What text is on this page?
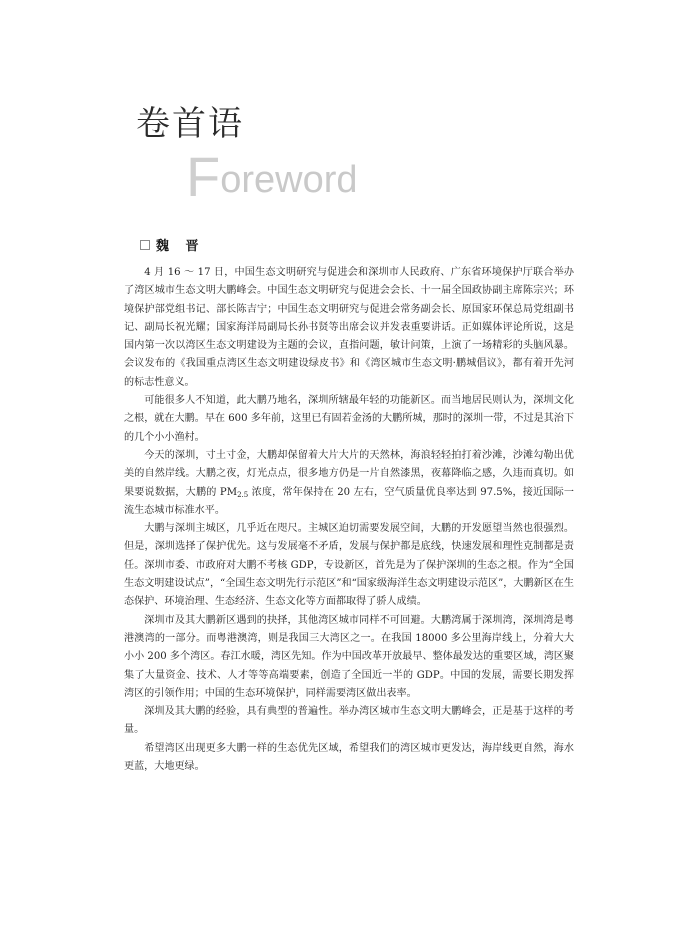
卷首语
Foreword
魏 晋

4 月 16 ～ 17 日，中国生态文明研究与促进会和深圳市人民政府、广东省环境保护厅联合举办了湾区城市生态文明大鹏峰会。中国生态文明研究与促进会会长、十一届全国政协副主席陈宗兴；环境保护部党组书记、部长陈吉宁；中国生态文明研究与促进会常务副会长、原国家环保总局党组副书记、副局长祝光耀；国家海洋局副局长孙书贤等出席会议并发表重要讲话。正如媒体评论所说，这是国内第一次以湾区生态文明建设为主题的会议，直指问题，敏计问策，上演了一场精彩的头脑风暴。会议发布的《我国重点湾区生态文明建设绿皮书》和《湾区城市生态文明·鹏城倡议》，都有着开先河的标志性意义。

可能很多人不知道，此大鹏乃地名，深圳所辖最年轻的功能新区。而当地居民则认为，深圳文化之根，就在大鹏。早在 600 多年前，这里已有固若金汤的大鹏所城，那时的深圳一带，不过是其治下的几个小小渔村。

今天的深圳，寸土寸金，大鹏却保留着大片大片的天然林，海浪轻轻拍打着沙滩，沙滩勾勒出优美的自然岸线。大鹏之夜，灯光点点，很多地方仍是一片自然漆黑，夜幕降临之感，久违而真切。如果要说数据，大鹏的 $PM_{2.5}$ 浓度，常年保持在 20 左右，空气质量优良率达到 97.5%，接近国际一流生态城市标准水平。

大鹏与深圳主城区，几乎近在咫尺。主城区迫切需要发展空间，大鹏的开发愿望当然也很强烈。但是，深圳选择了保护优先。这与发展毫不矛盾，发展与保护都是底线，快速发展和理性克制都是责任。深圳市委、市政府对大鹏不考核 GDP，专设新区，首先是为了保护深圳的生态之根。作为“全国生态文明建设试点”，“全国生态文明先行示范区”和“国家级海洋生态文明建设示范区”，大鹏新区在生态保护、环境治理、生态经济、生态文化等方面都取得了骄人成绩。

深圳市及其大鹏新区遇到的抉择，其他湾区城市同样不可回避。大鹏湾属于深圳湾，深圳湾是粤港澳湾的一部分。而粤港澳湾，则是我国三大湾区之一。在我国 18000 多公里海岸线上，分着大大小小 200 多个湾区。春江水暖，湾区先知。作为中国改革开放最早、整体最发达的重要区域，湾区聚集了大量资金、技术、人才等等高端要素，创造了全国近一半的 GDP。中国的发展，需要长期发挥湾区的引领作用；中国的生态环境保护，同样需要湾区做出表率。

深圳及其大鹏的经验，具有典型的普遍性。举办湾区城市生态文明大鹏峰会，正是基于这样的考量。

希望湾区出现更多大鹏一样的生态优先区域，希望我们的湾区城市更发达，海岸线更自然，海水更蓝，大地更绿。
